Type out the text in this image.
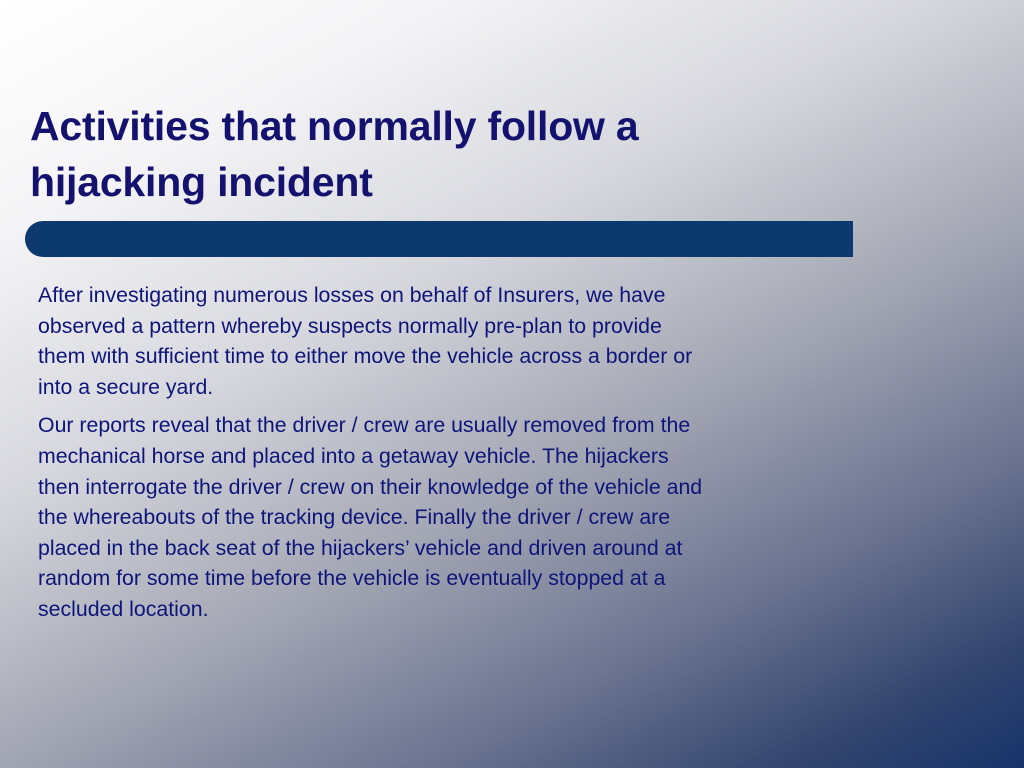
Activities that normally follow a
hijacking incident

After investigating numerous losses on behalf of Insurers, we have
observed a pattern whereby suspects normally pre-plan to provide
them with sufficient time to either move the vehicle across a border or
into a secure yard.

Our reports reveal that the driver / crew are usually removed from the
mechanical horse and placed into a getaway vehicle. The hijackers
then interrogate the driver / crew on their knowledge of the vehicle and
the whereabouts of the tracking device. Finally the driver / crew are
placed in the back seat of the hijackers’ vehicle and driven around at
random for some time before the vehicle is eventually stopped at a
secluded location.
